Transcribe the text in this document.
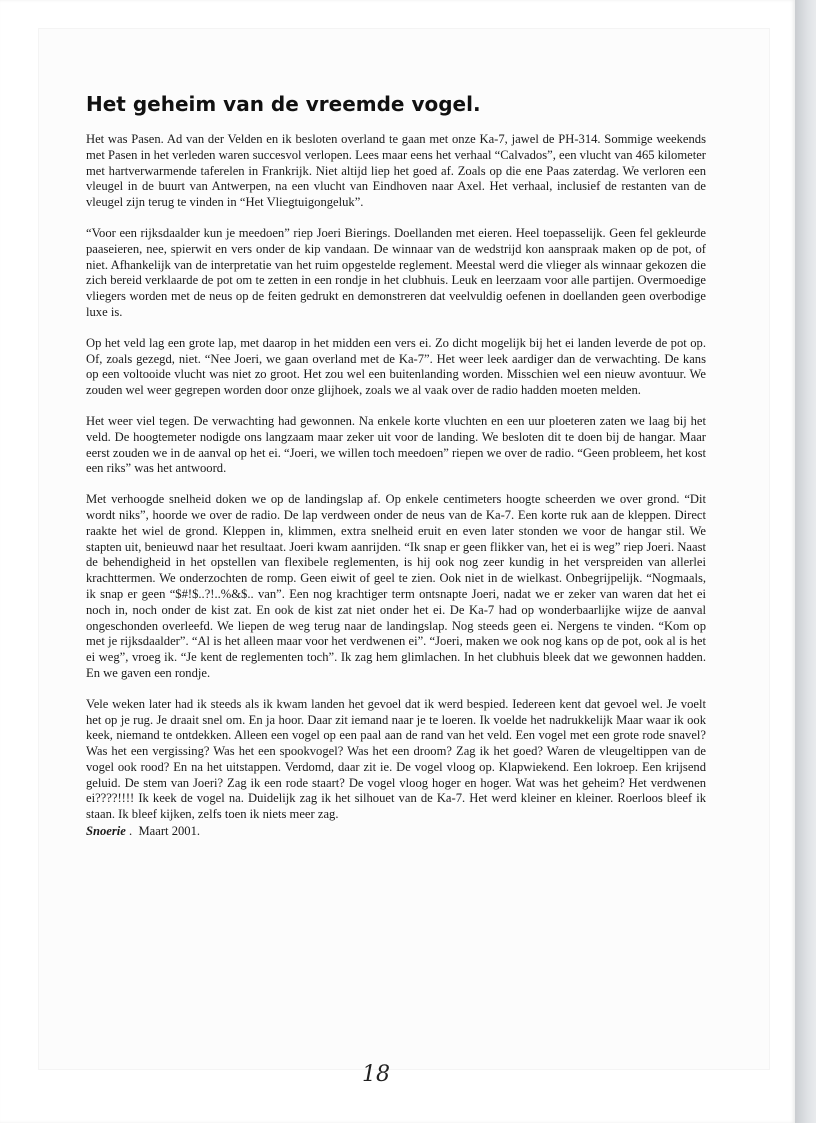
Het geheim van de vreemde vogel.

Het was Pasen. Ad van der Velden en ik besloten overland te gaan met onze Ka-7, jawel de PH-314. Sommige weekends met Pasen in het verleden waren succesvol verlopen. Lees maar eens het verhaal “Calvados”, een vlucht van 465 kilometer met hartverwarmende taferelen in Frankrijk. Niet altijd liep het goed af. Zoals op die ene Paas zaterdag. We verloren een vleugel in de buurt van Antwerpen, na een vlucht van Eindhoven naar Axel. Het verhaal, inclusief de restanten van de vleugel zijn terug te vinden in “Het Vliegtuigongeluk”.

“Voor een rijksdaalder kun je meedoen” riep Joeri Bierings. Doellanden met eieren. Heel toepasselijk. Geen fel gekleurde paaseieren, nee, spierwit en vers onder de kip vandaan. De winnaar van de wedstrijd kon aanspraak maken op de pot, of niet. Afhankelijk van de interpretatie van het ruim opgestelde reglement. Meestal werd die vlieger als winnaar gekozen die zich bereid verklaarde de pot om te zetten in een rondje in het clubhuis. Leuk en leerzaam voor alle partijen. Overmoedige vliegers worden met de neus op de feiten gedrukt en demonstreren dat veelvuldig oefenen in doellanden geen overbodige luxe is.

Op het veld lag een grote lap, met daarop in het midden een vers ei. Zo dicht mogelijk bij het ei landen leverde de pot op. Of, zoals gezegd, niet. “Nee Joeri, we gaan overland met de Ka-7”. Het weer leek aardiger dan de verwachting. De kans op een voltooide vlucht was niet zo groot. Het zou wel een buitenlanding worden. Misschien wel een nieuw avontuur. We zouden wel weer gegrepen worden door onze glijhoek, zoals we al vaak over de radio hadden moeten melden.

Het weer viel tegen. De verwachting had gewonnen. Na enkele korte vluchten en een uur ploeteren zaten we laag bij het veld. De hoogtemeter nodigde ons langzaam maar zeker uit voor de landing. We besloten dit te doen bij de hangar. Maar eerst zouden we in de aanval op het ei. “Joeri, we willen toch meedoen” riepen we over de radio. “Geen probleem, het kost een riks” was het antwoord.

Met verhoogde snelheid doken we op de landingslap af. Op enkele centimeters hoogte scheerden we over grond. “Dit wordt niks”, hoorde we over de radio. De lap verdween onder de neus van de Ka-7. Een korte ruk aan de kleppen. Direct raakte het wiel de grond. Kleppen in, klimmen, extra snelheid eruit en even later stonden we voor de hangar stil. We stapten uit, benieuwd naar het resultaat. Joeri kwam aanrijden. “Ik snap er geen flikker van, het ei is weg” riep Joeri. Naast de behendigheid in het opstellen van flexibele reglementen, is hij ook nog zeer kundig in het verspreiden van allerlei krachttermen. We onderzochten de romp. Geen eiwit of geel te zien. Ook niet in de wielkast. Onbegrijpelijk. “Nogmaals, ik snap er geen “$#!$..?!..%&$.. van”. Een nog krachtiger term ontsnapte Joeri, nadat we er zeker van waren dat het ei noch in, noch onder de kist zat. En ook de kist zat niet onder het ei. De Ka-7 had op wonderbaarlijke wijze de aanval ongeschonden overleefd. We liepen de weg terug naar de landingslap. Nog steeds geen ei. Nergens te vinden. “Kom op met je rijksdaalder”. “Al is het alleen maar voor het verdwenen ei”. “Joeri, maken we ook nog kans op de pot, ook al is het ei weg”, vroeg ik. “Je kent de reglementen toch”. Ik zag hem glimlachen. In het clubhuis bleek dat we gewonnen hadden. En we gaven een rondje.

Vele weken later had ik steeds als ik kwam landen het gevoel dat ik werd bespied. Iedereen kent dat gevoel wel. Je voelt het op je rug. Je draait snel om. En ja hoor. Daar zit iemand naar je te loeren. Ik voelde het nadrukkelijk Maar waar ik ook keek, niemand te ontdekken. Alleen een vogel op een paal aan de rand van het veld. Een vogel met een grote rode snavel? Was het een vergissing? Was het een spookvogel? Was het een droom? Zag ik het goed? Waren de vleugeltippen van de vogel ook rood? En na het uitstappen. Verdomd, daar zit ie. De vogel vloog op. Klapwiekend. Een lokroep. Een krijsend geluid. De stem van Joeri? Zag ik een rode staart? De vogel vloog hoger en hoger. Wat was het geheim? Het verdwenen ei????!!!! Ik keek de vogel na. Duidelijk zag ik het silhouet van de Ka-7. Het werd kleiner en kleiner. Roerloos bleef ik staan. Ik bleef kijken, zelfs toen ik niets meer zag.

Snoerie .  Maart 2001.
18
